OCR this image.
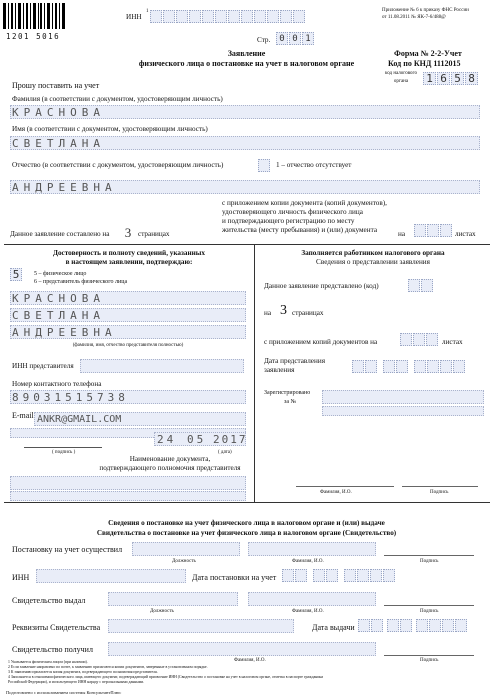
1201 5016
ИНН
1	Приложение № 6 к приказу ФНС России
от 11.08.2011 № ЯК-7-6/488@
Стр. 0 0 1
Заявление
физического лица о постановке на учет в налоговом органе
Форма № 2-2-Учет
Код по КНД 1112015
код налогового
органа	1 6 5 8
Прошу поставить на учет
Фамилия (в соответствии с документом, удостоверяющим личность)
КРАСНОВА
Имя (в соответствии с документом, удостоверяющим личность)
СВЕТЛАНА
Отчество (в соответствии с документом, удостоверяющим личность)	1 – отчество отсутствует
АНДРЕЕВНА
Данное заявление составлено на 3 страницах
с приложением копии документа (копий документов),
удостоверяющего личность физического лица
и подтверждающего регистрацию по месту
жительства (месту пребывания) и (или) документа	на	листах
Достоверность и полноту сведений, указанных
в настоящем заявлении, подтверждаю:
5	5 – физическое лицо
6 – представитель физического лица
КРАСНОВА
СВЕТЛАНА
АНДРЕЕВНА
(фамилия, имя, отчество представителя полностью)
ИНН представителя
Номер контактного телефона
89031515738
E-mail ANKR@GMAIL.COM
24 05 2017
( подпись )	( дата)
Наименование документа,
подтверждающего полномочия представителя
Заполняется работником налогового органа
Сведения о представлении заявления
Данное заявление представлено (код)
на 3 страницах
с приложением копий документов на	листах
Дата представления
заявления
Зарегистрировано
за №
Фамилия, И.О.	Подпись
Сведения о постановке на учет физического лица в налоговом органе и (или) выдаче
Свидетельства о постановке на учет физического лица в налоговом органе (Свидетельство)
Постановку на учет осуществил
Должность	Фамилия, И.О.	Подпись
ИНН	Дата постановки на учет
Свидетельство выдал
Должность	Фамилия, И.О.	Подпись
Реквизиты Свидетельства	Дата выдачи
Свидетельство получил
Фамилия, И.О.	Подпись
1 Указывается физическим лицом (при наличии).
2 Если заявление направлено по почте, к заявлению прилагаются копии документов, заверенные в установленном порядке.
3 К заявлению прилагается копия документа, подтверждающего полномочия представителя.
4 Заполняется в отношении физического лица, имеющего документ, подтверждающий присвоение ИНН (Свидетельство о постановке на учет в налоговом органе, отметка в паспорте гражданина
Российской Федерации), и использующего ИНН наряду с персональными данными.
Подготовлено с использованием системы КонсультантПлюс
